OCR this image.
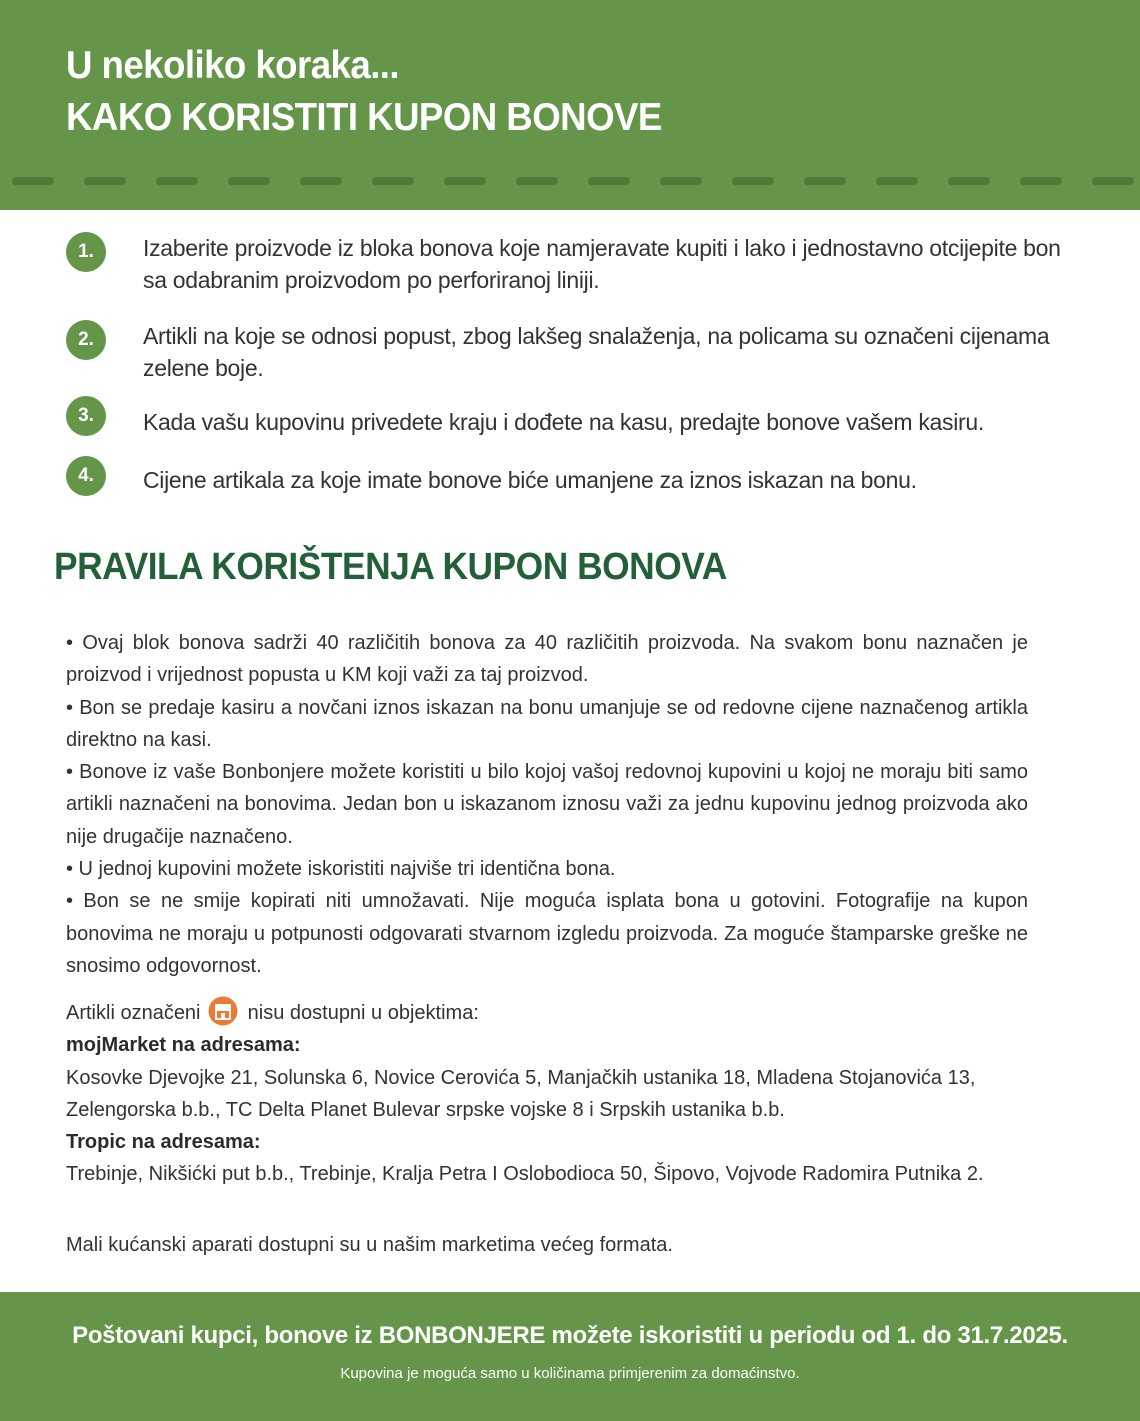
U nekoliko koraka...
KAKO KORISTITI KUPON BONOVE
1.	Izaberite proizvode iz bloka bonova koje namjeravate kupiti i lako i jednostavno otcijepite bon sa odabranim proizvodom po perforiranoj liniji.
2.	Artikli na koje se odnosi popust, zbog lakšeg snalaženja, na policama su označeni cijenama zelene boje.
3.	Kada vašu kupovinu privedete kraju i dođete na kasu, predajte bonove vašem kasiru.
4.	Cijene artikala za koje imate bonove biće umanjene za iznos iskazan na bonu.
PRAVILA KORIŠTENJA KUPON BONOVA

• Ovaj blok bonova sadrži 40 različitih bonova za 40 različitih proizvoda. Na svakom bonu naznačen je proizvod i vrijednost popusta u KM koji važi za taj proizvod.

• Bon se predaje kasiru a novčani iznos iskazan na bonu umanjuje se od redovne cijene naznačenog artikla direktno na kasi.

• Bonove iz vaše Bonbonjere možete koristiti u bilo kojoj vašoj redovnoj kupovini u kojoj ne moraju biti samo artikli naznačeni na bonovima. Jedan bon u iskazanom iznosu važi za jednu kupovinu jednog proizvoda ako nije drugačije naznačeno.

• U jednoj kupovini možete iskoristiti najviše tri identična bona.

• Bon se ne smije kopirati niti umnožavati. Nije moguća isplata bona u gotovini. Fotografije na kupon bonovima ne moraju u potpunosti odgovarati stvarnom izgledu proizvoda. Za moguće štamparske greške ne snosimo odgovornost.

Artikli označeni nisu dostupni u objektima:

mojMarket na adresama:

Kosovke Djevojke 21, Solunska 6, Novice Cerovića 5, Manjačkih ustanika 18, Mladena Stojanovića 13,

Zelengorska b.b., TC Delta Planet Bulevar srpske vojske 8 i Srpskih ustanika b.b.

Tropic na adresama:

Trebinje, Nikšićki put b.b., Trebinje, Kralja Petra I Oslobodioca 50, Šipovo, Vojvode Radomira Putnika 2.

Mali kućanski aparati dostupni su u našim marketima većeg formata.

Poštovani kupci, bonove iz BONBONJERE možete iskoristiti u periodu od 1. do 31.7.2025.

Kupovina je moguća samo u količinama primjerenim za domaćinstvo.
